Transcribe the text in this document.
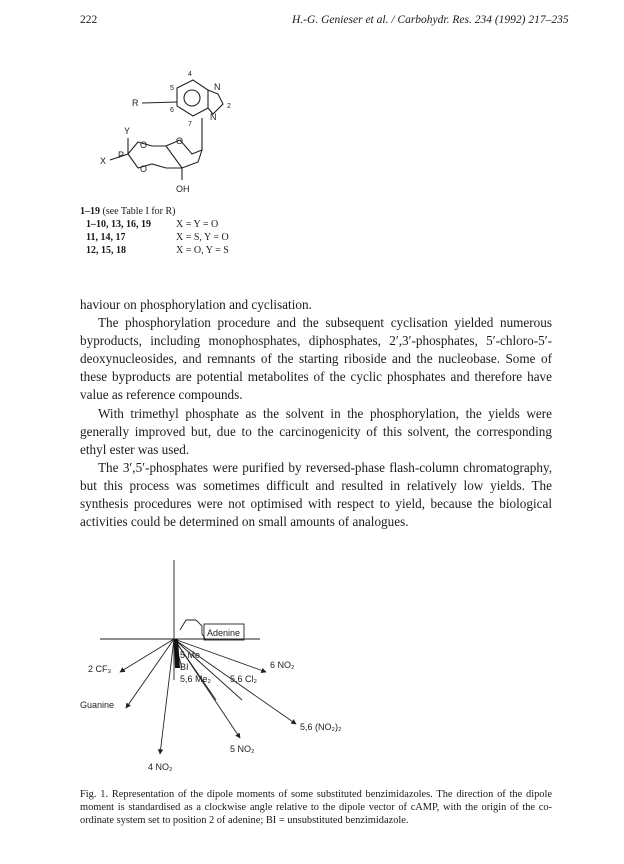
222	H.-G. Genieser et al. / Carbohydr. Res. 234 (1992) 217–235
R
N
2
N
5
4
6
7
Y
X
P
O
O
O
OH
1–19 (see Table I for R)
1–10, 13, 16, 19	X = Y = O
11, 14, 17	X = S, Y = O
12, 15, 18	X = O, Y = S

haviour on phosphorylation and cyclisation.

The phosphorylation procedure and the subsequent cyclisation yielded numerous byproducts, including monophosphates, diphosphates, 2′,3′-phosphates, 5′-chloro-5′-deoxynucleosides, and remnants of the starting riboside and the nucleobase. Some of these byproducts are potential metabolites of the cyclic phosphates and therefore have value as reference compounds.

With trimethyl phosphate as the solvent in the phosphorylation, the yields were generally improved but, due to the carcinogenicity of this solvent, the corresponding ethyl ester was used.

The 3′,5′-phosphates were purified by reversed-phase flash-column chromatography, but this process was sometimes difficult and resulted in relatively low yields. The synthesis procedures were not optimised with respect to yield, because the biological activities could be determined on small amounts of analogues.

Adenine
2 CF₃
Guanine
5 Me
BI
5,6 Me₂ 5,6 Cl₂
6 NO₂
5,6 (NO₂)₂
5 NO₂
4 NO₂
Fig. 1. Representation of the dipole moments of some substituted benzimidazoles. The direction of the dipole moment is standardised as a clockwise angle relative to the dipole vector of cAMP, with the origin of the co-ordinate system set to position 2 of adenine; BI = unsubstituted benzimidazole.
